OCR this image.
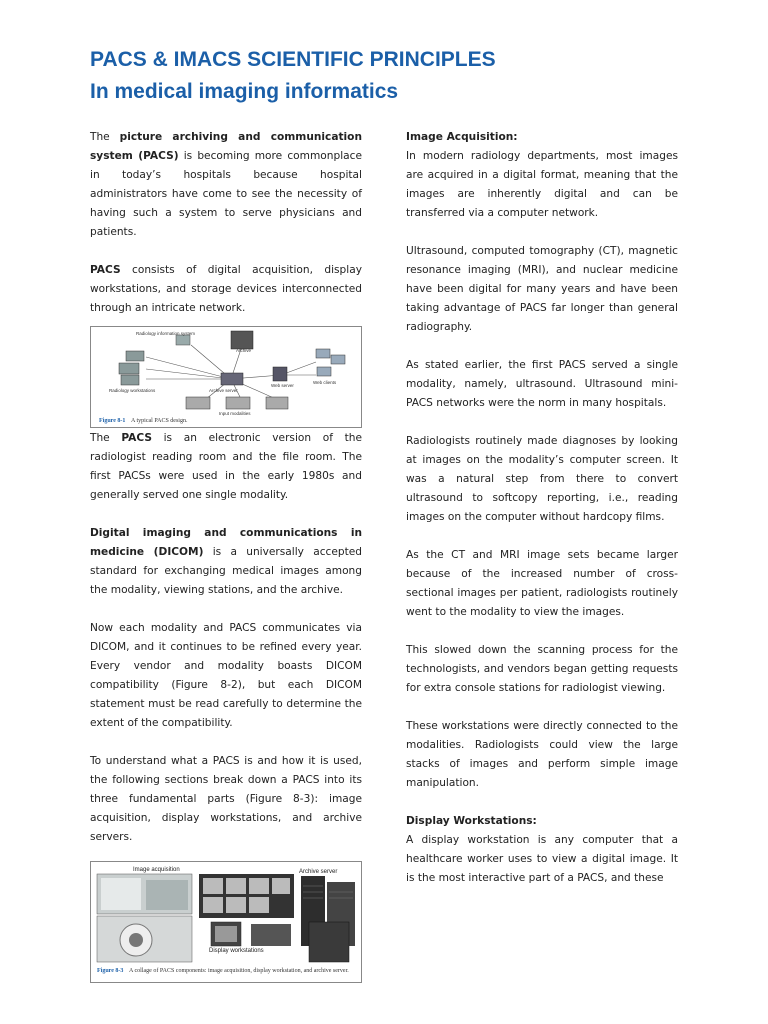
PACS & IMACS SCIENTIFIC PRINCIPLES
In medical imaging informatics

The picture archiving and communication system (PACS) is becoming more commonplace in today’s hospitals because hospital administrators have come to see the necessity of having such a system to serve physicians and patients.

PACS consists of digital acquisition, display workstations, and storage devices interconnected through an intricate network.

Radiology information system
Archive
Radiology workstations	Archive server
Web server
Web clients
Input modalities
Figure 8-1 A typical PACS design.

The PACS is an electronic version of the radiologist reading room and the file room. The first PACSs were used in the early 1980s and generally served one single modality.

Digital imaging and communications in medicine (DICOM) is a universally accepted standard for exchanging medical images among the modality, viewing stations, and the archive.

Now each modality and PACS communicates via DICOM, and it continues to be refined every year. Every vendor and modality boasts DICOM compatibility (Figure 8-2), but each DICOM statement must be read carefully to determine the extent of the compatibility.

To understand what a PACS is and how it is used, the following sections break down a PACS into its three fundamental parts (Figure 8-3): image acquisition, display workstations, and archive servers.

Image acquisition	Archive server
Display workstations
Figure 8-3 A collage of PACS components: image acquisition, display workstation, and archive server.

Image Acquisition:

In modern radiology departments, most images are acquired in a digital format, meaning that the images are inherently digital and can be transferred via a computer network.

Ultrasound, computed tomography (CT), magnetic resonance imaging (MRI), and nuclear medicine have been digital for many years and have been taking advantage of PACS far longer than general radiography.

As stated earlier, the first PACS served a single modality, namely, ultrasound. Ultrasound mini-PACS networks were the norm in many hospitals.

Radiologists routinely made diagnoses by looking at images on the modality’s computer screen. It was a natural step from there to convert ultrasound to softcopy reporting, i.e., reading images on the computer without hardcopy films.

As the CT and MRI image sets became larger because of the increased number of cross-sectional images per patient, radiologists routinely went to the modality to view the images.

This slowed down the scanning process for the technologists, and vendors began getting requests for extra console stations for radiologist viewing.

These workstations were directly connected to the modalities. Radiologists could view the large stacks of images and perform simple image manipulation.

Display Workstations:

A display workstation is any computer that a healthcare worker uses to view a digital image. It is the most interactive part of a PACS, and these
